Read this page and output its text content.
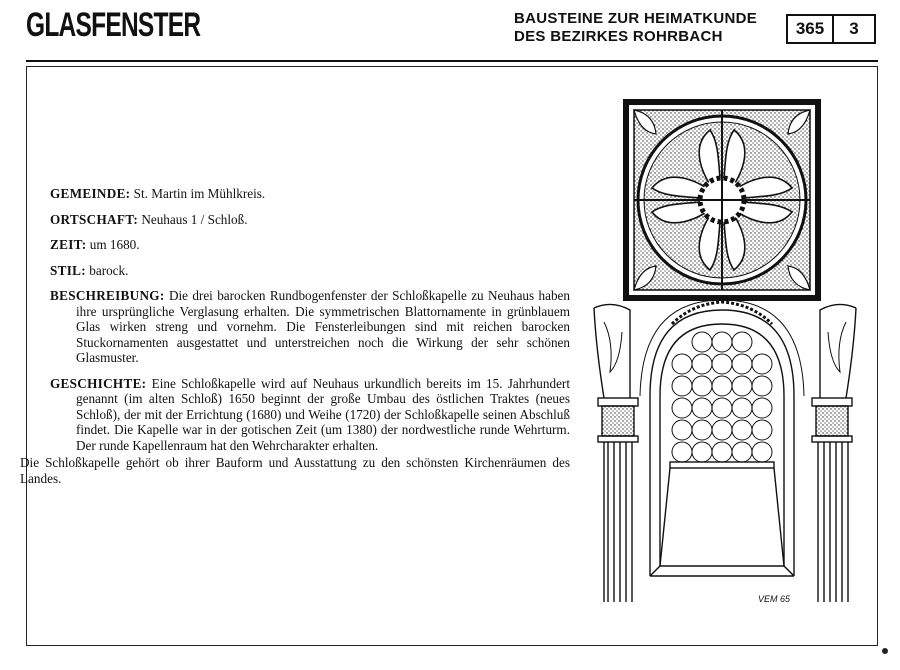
GLASFENSTER	BAUSTEINE ZUR HEIMATKUNDE
DES BEZIRKES ROHRBACH	365	3

GEMEINDE: St. Martin im Mühlkreis.

ORTSCHAFT: Neuhaus 1 / Schloß.

ZEIT: um 1680.

STIL: barock.

BESCHREIBUNG: Die drei barocken Rundbogenfenster der Schloßkapelle zu Neuhaus haben ihre ursprüngliche Verglasung erhalten. Die symmetrischen Blattornamente in grünblauem Glas wirken streng und vornehm. Die Fensterleibungen sind mit reichen barocken Stuckornamenten ausgestattet und unterstreichen noch die Wirkung der sehr schönen Glasmuster.

GESCHICHTE: Eine Schloßkapelle wird auf Neuhaus urkundlich bereits im 15. Jahrhundert genannt (im alten Schloß) 1650 beginnt der große Umbau des östlichen Traktes (neues Schloß), der mit der Errichtung (1680) und Weihe (1720) der Schloßkapelle seinen Abschluß findet. Die Kapelle war in der gotischen Zeit (um 1380) der nordwestliche runde Wehrturm. Der runde Kapellenraum hat den Wehrcharakter erhalten.

Die Schloßkapelle gehört ob ihrer Bauform und Ausstattung zu den schönsten Kirchenräumen des Landes.

VEM 65
